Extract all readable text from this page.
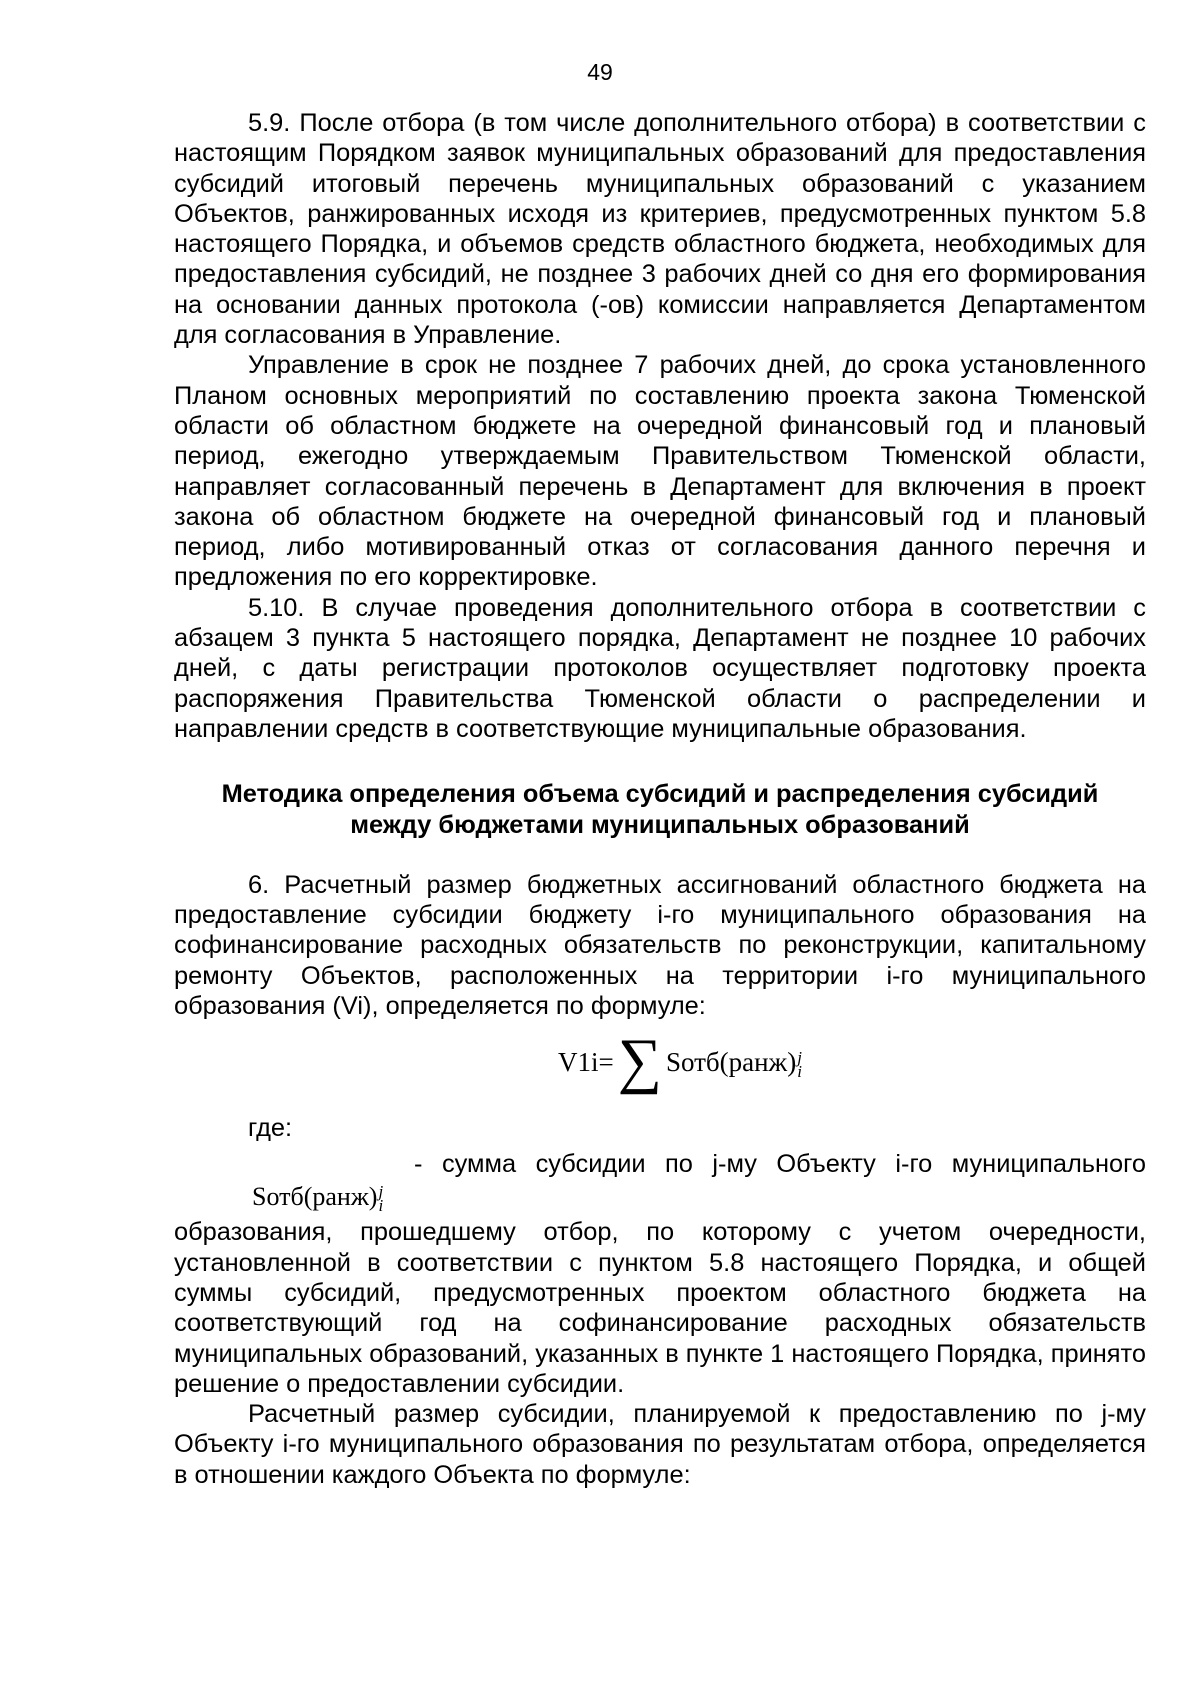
49

5.9. После отбора (в том числе дополнительного отбора) в соответствии с настоящим Порядком заявок муниципальных образований для предоставления субсидий итоговый перечень муниципальных образований с указанием Объектов, ранжированных исходя из критериев, предусмотренных пунктом 5.8 настоящего Порядка, и объемов средств областного бюджета, необходимых для предоставления субсидий, не позднее 3 рабочих дней со дня его формирования на основании данных протокола (-ов) комиссии направляется Департаментом для согласования в Управление.

Управление в срок не позднее 7 рабочих дней, до срока установленного Планом основных мероприятий по составлению проекта закона Тюменской области об областном бюджете на очередной финансовый год и плановый период, ежегодно утверждаемым Правительством Тюменской области, направляет согласованный перечень в Департамент для включения в проект закона об областном бюджете на очередной финансовый год и плановый период, либо мотивированный отказ от согласования данного перечня и предложения по его корректировке.

5.10. В случае проведения дополнительного отбора в соответствии с абзацем 3 пункта 5 настоящего порядка, Департамент не позднее 10 рабочих дней, с даты регистрации протоколов осуществляет подготовку проекта распоряжения Правительства Тюменской области о распределении и направлении средств в соответствующие муниципальные образования.

Методика определения объема субсидий и распределения субсидий
между бюджетами муниципальных образований

6. Расчетный размер бюджетных ассигнований областного бюджета на предоставление субсидии бюджету i-го муниципального образования на софинансирование расходных обязательств по реконструкции, капитальному ремонту Объектов, расположенных на территории i-го муниципального образования (Vi), определяется по формуле:

V1i=∑ Sотб(ранж) j
i
где:
- сумма субсидии по j-му Объекту i-го муниципального
Sотб(ранж) j
i

образования, прошедшему отбор, по которому с учетом очередности, установленной в соответствии с пунктом 5.8 настоящего Порядка, и общей суммы субсидий, предусмотренных проектом областного бюджета на соответствующий год на софинансирование расходных обязательств муниципальных образований, указанных в пункте 1 настоящего Порядка, принято решение о предоставлении субсидии.

Расчетный размер субсидии, планируемой к предоставлению по j-му Объекту i-го муниципального образования по результатам отбора, определяется в отношении каждого Объекта по формуле:
